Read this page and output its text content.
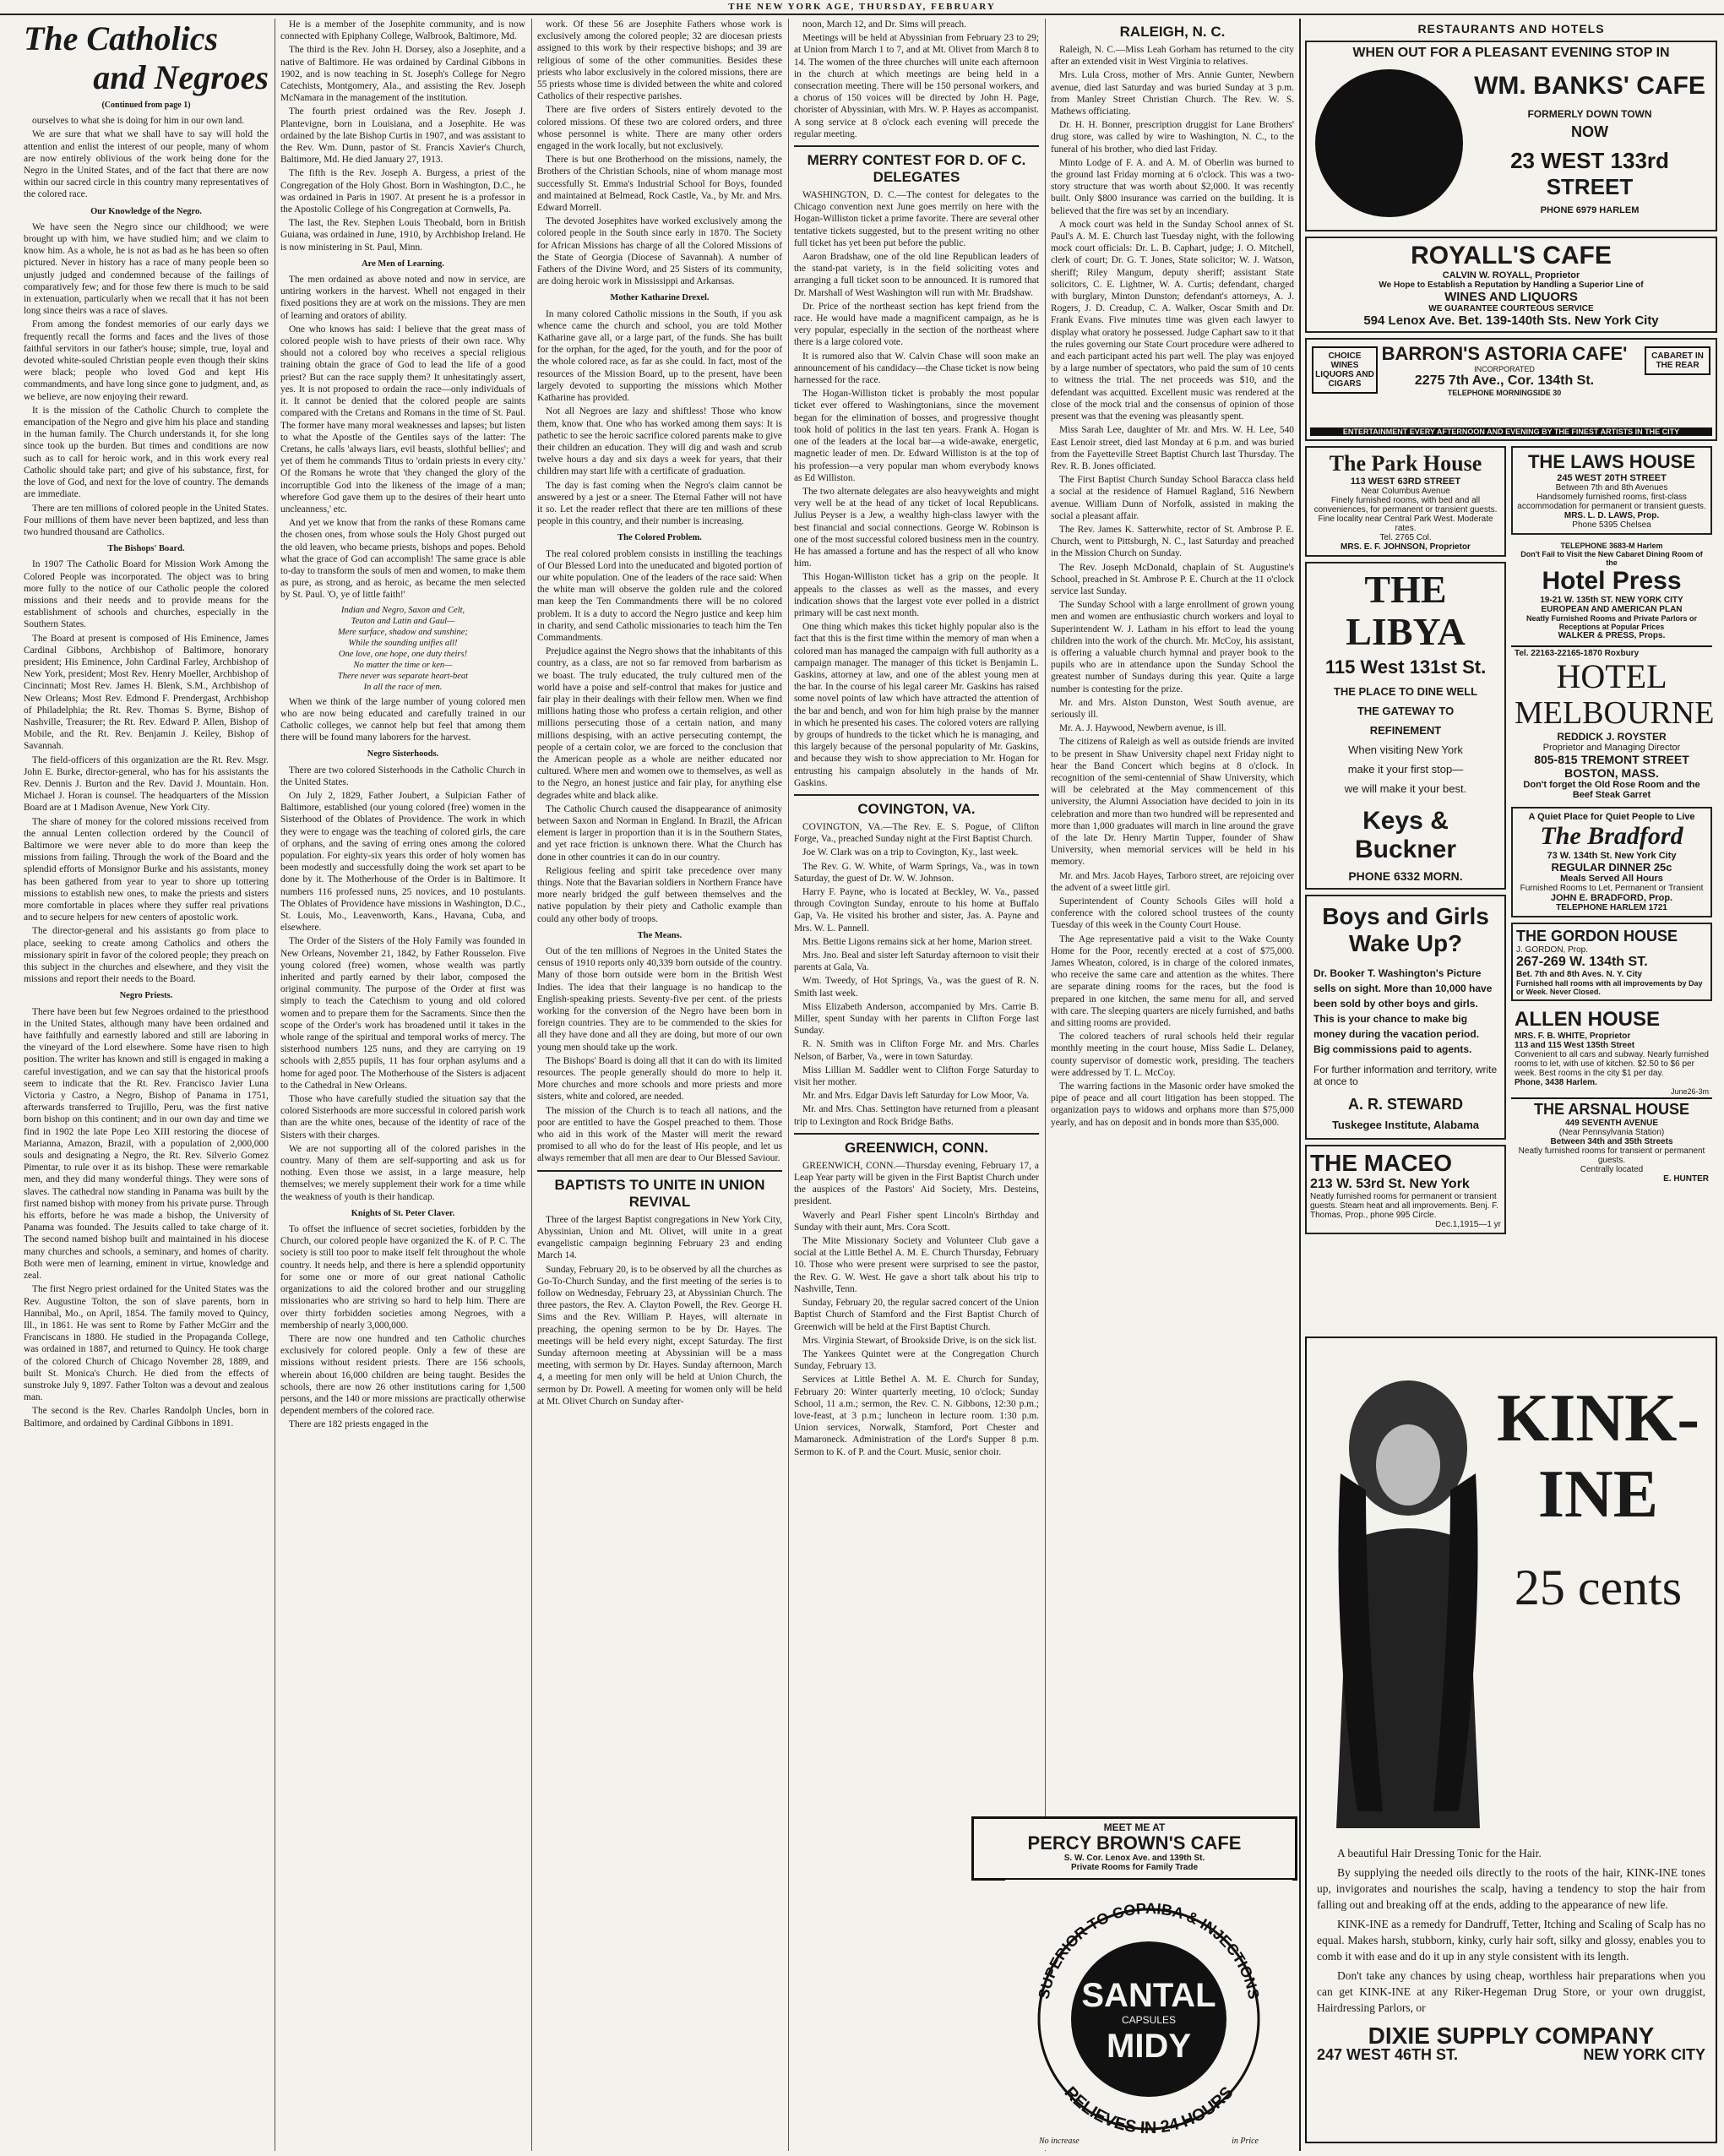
THE NEW YORK AGE, THURSDAY, FEBRUARY
The Catholics
and Negroes
(Continued from page 1)

ourselves to what she is doing for him in our own land.

We are sure that what we shall have to say will hold the attention and enlist the interest of our people, many of whom are now entirely oblivious of the work being done for the Negro in the United States, and of the fact that there are now within our sacred circle in this country many representatives of the colored race.

Our Knowledge of the Negro.

We have seen the Negro since our childhood; we were brought up with him, we have studied him; and we claim to know him. As a whole, he is not as bad as he has been so often pictured. Never in history has a race of many people been so unjustly judged and condemned because of the failings of comparatively few; and for those few there is much to be said in extenuation, particularly when we recall that it has not been long since theirs was a race of slaves.

From among the fondest memories of our early days we frequently recall the forms and faces and the lives of those faithful servitors in our father's house; simple, true, loyal and devoted white-souled Christian people even though their skins were black; people who loved God and kept His commandments, and have long since gone to judgment, and, as we believe, are now enjoying their reward.

It is the mission of the Catholic Church to complete the emancipation of the Negro and give him his place and standing in the human family. The Church understands it, for she long since took up the burden. But times and conditions are now such as to call for heroic work, and in this work every real Catholic should take part; and give of his substance, first, for the love of God, and next for the love of country. The demands are immediate.

There are ten millions of colored people in the United States. Four millions of them have never been baptized, and less than two hundred thousand are Catholics.

The Bishops' Board.

In 1907 The Catholic Board for Mission Work Among the Colored People was incorporated. The object was to bring more fully to the notice of our Catholic people the colored missions and their needs and to provide means for the establishment of schools and churches, especially in the Southern States.

The Board at present is composed of His Eminence, James Cardinal Gibbons, Archbishop of Baltimore, honorary president; His Eminence, John Cardinal Farley, Archbishop of New York, president; Most Rev. Henry Moeller, Archbishop of Cincinnati; Most Rev. James H. Blenk, S.M., Archbishop of New Orleans; Most Rev. Edmond F. Prendergast, Archbishop of Philadelphia; the Rt. Rev. Thomas S. Byrne, Bishop of Nashville, Treasurer; the Rt. Rev. Edward P. Allen, Bishop of Mobile, and the Rt. Rev. Benjamin J. Keiley, Bishop of Savannah.

The field-officers of this organization are the Rt. Rev. Msgr. John E. Burke, director-general, who has for his assistants the Rev. Dennis J. Burton and the Rev. David J. Mountain. Hon. Michael J. Horan is counsel. The headquarters of the Mission Board are at 1 Madison Avenue, New York City.

The share of money for the colored missions received from the annual Lenten collection ordered by the Council of Baltimore we were never able to do more than keep the missions from failing. Through the work of the Board and the splendid efforts of Monsignor Burke and his assistants, money has been gathered from year to year to shore up tottering missions to establish new ones, to make the priests and sisters more comfortable in places where they suffer real privations and to secure helpers for new centers of apostolic work.

The director-general and his assistants go from place to place, seeking to create among Catholics and others the missionary spirit in favor of the colored people; they preach on this subject in the churches and elsewhere, and they visit the missions and report their needs to the Board.

Negro Priests.

There have been but few Negroes ordained to the priesthood in the United States, although many have been ordained and have faithfully and earnestly labored and still are laboring in the vineyard of the Lord elsewhere. Some have risen to high position. The writer has known and still is engaged in making a careful investigation, and we can say that the historical proofs seem to indicate that the Rt. Rev. Francisco Javier Luna Victoria y Castro, a Negro, Bishop of Panama in 1751, afterwards transferred to Trujillo, Peru, was the first native born bishop on this continent; and in our own day and time we find in 1902 the late Pope Leo XIII restoring the diocese of Marianna, Amazon, Brazil, with a population of 2,000,000 souls and designating a Negro, the Rt. Rev. Silverio Gomez Pimentar, to rule over it as its bishop. These were remarkable men, and they did many wonderful things. They were sons of slaves. The cathedral now standing in Panama was built by the first named bishop with money from his private purse. Through his efforts, before he was made a bishop, the University of Panama was founded. The Jesuits called to take charge of it. The second named bishop built and maintained in his diocese many churches and schools, a seminary, and homes of charity. Both were men of learning, eminent in virtue, knowledge and zeal.

The first Negro priest ordained for the United States was the Rev. Augustine Tolton, the son of slave parents, born in Hannibal, Mo., on April, 1854. The family moved to Quincy, Ill., in 1861. He was sent to Rome by Father McGirr and the Franciscans in 1880. He studied in the Propaganda College, was ordained in 1887, and returned to Quincy. He took charge of the colored Church of Chicago November 28, 1889, and built St. Monica's Church. He died from the effects of sunstroke July 9, 1897. Father Tolton was a devout and zealous man.

The second is the Rev. Charles Randolph Uncles, born in Baltimore, and ordained by Cardinal Gibbons in 1891.

He is a member of the Josephite community, and is now connected with Epiphany College, Walbrook, Baltimore, Md.

The third is the Rev. John H. Dorsey, also a Josephite, and a native of Baltimore. He was ordained by Cardinal Gibbons in 1902, and is now teaching in St. Joseph's College for Negro Catechists, Montgomery, Ala., and assisting the Rev. Joseph McNamara in the management of the institution.

The fourth priest ordained was the Rev. Joseph J. Plantevigne, born in Louisiana, and a Josephite. He was ordained by the late Bishop Curtis in 1907, and was assistant to the Rev. Wm. Dunn, pastor of St. Francis Xavier's Church, Baltimore, Md. He died January 27, 1913.

The fifth is the Rev. Joseph A. Burgess, a priest of the Congregation of the Holy Ghost. Born in Washington, D.C., he was ordained in Paris in 1907. At present he is a professor in the Apostolic College of his Congregation at Cornwells, Pa.

The last, the Rev. Stephen Louis Theobald, born in British Guiana, was ordained in June, 1910, by Archbishop Ireland. He is now ministering in St. Paul, Minn.

Are Men of Learning.

The men ordained as above noted and now in service, are untiring workers in the harvest. Whell not engaged in their fixed positions they are at work on the missions. They are men of learning and orators of ability.

One who knows has said: I believe that the great mass of colored people wish to have priests of their own race. Why should not a colored boy who receives a special religious training obtain the grace of God to lead the life of a good priest? But can the race supply them? It unhesitatingly assert, yes. It is not proposed to ordain the race—only individuals of it. It cannot be denied that the colored people are saints compared with the Cretans and Romans in the time of St. Paul. The former have many moral weaknesses and lapses; but listen to what the Apostle of the Gentiles says of the latter: The Cretans, he calls 'always liars, evil beasts, slothful bellies'; and yet of them he commands Titus to 'ordain priests in every city.' Of the Romans he wrote that 'they changed the glory of the incorruptible God into the likeness of the image of a man; wherefore God gave them up to the desires of their heart unto uncleanness,' etc.

And yet we know that from the ranks of these Romans came the chosen ones, from whose souls the Holy Ghost purged out the old leaven, who became priests, bishops and popes. Behold what the grace of God can accomplish! The same grace is able to-day to transform the souls of men and women, to make them as pure, as strong, and as heroic, as became the men selected by St. Paul. 'O, ye of little faith!'

Indian and Negro, Saxon and Celt,
Teuton and Latin and Gaul—
Mere surface, shadow and sunshine;
While the sounding unifies all!
One love, one hope, one duty theirs!
No matter the time or ken—
There never was separate heart-beat
In all the race of men.

When we think of the large number of young colored men who are now being educated and carefully trained in our Catholic colleges, we cannot help but feel that among them there will be found many laborers for the harvest.

Negro Sisterhoods.

There are two colored Sisterhoods in the Catholic Church in the United States.

On July 2, 1829, Father Joubert, a Sulpician Father of Baltimore, established (our young colored (free) women in the Sisterhood of the Oblates of Providence. The work in which they were to engage was the teaching of colored girls, the care of orphans, and the saving of erring ones among the colored population. For eighty-six years this order of holy women has been modestly and successfully doing the work set apart to be done by it. The Motherhouse of the Order is in Baltimore. It numbers 116 professed nuns, 25 novices, and 10 postulants. The Oblates of Providence have missions in Washington, D.C., St. Louis, Mo., Leavenworth, Kans., Havana, Cuba, and elsewhere.

The Order of the Sisters of the Holy Family was founded in New Orleans, November 21, 1842, by Father Rousselon. Five young colored (free) women, whose wealth was partly inherited and partly earned by their labor, composed the original community. The purpose of the Order at first was simply to teach the Catechism to young and old colored women and to prepare them for the Sacraments. Since then the scope of the Order's work has broadened until it takes in the whole range of the spiritual and temporal works of mercy. The sisterhood numbers 125 nuns, and they are carrying on 19 schools with 2,855 pupils, 11 has four orphan asylums and a home for aged poor. The Motherhouse of the Sisters is adjacent to the Cathedral in New Orleans.

Those who have carefully studied the situation say that the colored Sisterhoods are more successful in colored parish work than are the white ones, because of the identity of race of the Sisters with their charges.

We are not supporting all of the colored parishes in the country. Many of them are self-supporting and ask us for nothing. Even those we assist, in a large measure, help themselves; we merely supplement their work for a time while the weakness of youth is their handicap.

Knights of St. Peter Claver.

To offset the influence of secret societies, forbidden by the Church, our colored people have organized the K. of P. C. The society is still too poor to make itself felt throughout the whole country. It needs help, and there is here a splendid opportunity for some one or more of our great national Catholic organizations to aid the colored brother and our struggling missionaries who are striving so hard to help him. There are over thirty forbidden societies among Negroes, with a membership of nearly 3,000,000.

There are now one hundred and ten Catholic churches exclusively for colored people. Only a few of these are missions without resident priests. There are 156 schools, wherein about 16,000 children are being taught. Besides the schools, there are now 26 other institutions caring for 1,500 persons, and the 140 or more missions are practically otherwise dependent members of the colored race.

There are 182 priests engaged in the

work. Of these 56 are Josephite Fathers whose work is exclusively among the colored people; 32 are diocesan priests assigned to this work by their respective bishops; and 39 are religious of some of the other communities. Besides these priests who labor exclusively in the colored missions, there are 55 priests whose time is divided between the white and colored Catholics of their respective parishes.

There are five orders of Sisters entirely devoted to the colored missions. Of these two are colored orders, and three whose personnel is white. There are many other orders engaged in the work locally, but not exclusively.

There is but one Brotherhood on the missions, namely, the Brothers of the Christian Schools, nine of whom manage most successfully St. Emma's Industrial School for Boys, founded and maintained at Belmead, Rock Castle, Va., by Mr. and Mrs. Edward Morrell.

The devoted Josephites have worked exclusively among the colored people in the South since early in 1870. The Society for African Missions has charge of all the Colored Missions of the State of Georgia (Diocese of Savannah). A number of Fathers of the Divine Word, and 25 Sisters of its community, are doing heroic work in Mississippi and Arkansas.

Mother Katharine Drexel.

In many colored Catholic missions in the South, if you ask whence came the church and school, you are told Mother Katharine gave all, or a large part, of the funds. She has built for the orphan, for the aged, for the youth, and for the poor of the whole colored race, as far as she could. In fact, most of the resources of the Mission Board, up to the present, have been largely devoted to supporting the missions which Mother Katharine has provided.

Not all Negroes are lazy and shiftless! Those who know them, know that. One who has worked among them says: It is pathetic to see the heroic sacrifice colored parents make to give their children an education. They will dig and wash and scrub twelve hours a day and six days a week for years, that their children may start life with a certificate of graduation.

The day is fast coming when the Negro's claim cannot be answered by a jest or a sneer. The Eternal Father will not have it so. Let the reader reflect that there are ten millions of these people in this country, and their number is increasing.

The Colored Problem.

The real colored problem consists in instilling the teachings of Our Blessed Lord into the uneducated and bigoted portion of our white population. One of the leaders of the race said: When the white man will observe the golden rule and the colored man keep the Ten Commandments there will be no colored problem. It is a duty to accord the Negro justice and keep him in charity, and send Catholic missionaries to teach him the Ten Commandments.

Prejudice against the Negro shows that the inhabitants of this country, as a class, are not so far removed from barbarism as we boast. The truly educated, the truly cultured men of the world have a poise and self-control that makes for justice and fair play in their dealings with their fellow men. When we find millions hating those who profess a certain religion, and other millions persecuting those of a certain nation, and many millions despising, with an active persecuting contempt, the people of a certain color, we are forced to the conclusion that the American people as a whole are neither educated nor cultured. Where men and women owe to themselves, as well as to the Negro, an honest justice and fair play, for anything else degrades white and black alike.

The Catholic Church caused the disappearance of animosity between Saxon and Norman in England. In Brazil, the African element is larger in proportion than it is in the Southern States, and yet race friction is unknown there. What the Church has done in other countries it can do in our country.

Religious feeling and spirit take precedence over many things. Note that the Bavarian soldiers in Northern France have more nearly bridged the gulf between themselves and the native population by their piety and Catholic example than could any other body of troops.

The Means.

Out of the ten millions of Negroes in the United States the census of 1910 reports only 40,339 born outside of the country. Many of those born outside were born in the British West Indies. The idea that their language is no handicap to the English-speaking priests. Seventy-five per cent. of the priests working for the conversion of the Negro have been born in foreign countries. They are to be commended to the skies for all they have done and all they are doing, but more of our own young men should take up the work.

The Bishops' Board is doing all that it can do with its limited resources. The people generally should do more to help it. More churches and more schools and more priests and more sisters, white and colored, are needed.

The mission of the Church is to teach all nations, and the poor are entitled to have the Gospel preached to them. Those who aid in this work of the Master will merit the reward promised to all who do for the least of His people, and let us always remember that all men are dear to Our Blessed Saviour.

BAPTISTS TO UNITE IN UNION REVIVAL

Three of the largest Baptist congregations in New York City, Abyssinian, Union and Mt. Olivet, will unite in a great evangelistic campaign beginning February 23 and ending March 14.

Sunday, February 20, is to be observed by all the churches as Go-To-Church Sunday, and the first meeting of the series is to follow on Wednesday, February 23, at Abyssinian Church. The three pastors, the Rev. A. Clayton Powell, the Rev. George H. Sims and the Rev. William P. Hayes, will alternate in preaching, the opening sermon to be by Dr. Hayes. The meetings will be held every night, except Saturday. The first Sunday afternoon meeting at Abyssinian will be a mass meeting, with sermon by Dr. Hayes. Sunday afternoon, March 4, a meeting for men only will be held at Union Church, the sermon by Dr. Powell. A meeting for women only will be held at Mt. Olivet Church on Sunday after-

noon, March 12, and Dr. Sims will preach.

Meetings will be held at Abyssinian from February 23 to 29; at Union from March 1 to 7, and at Mt. Olivet from March 8 to 14. The women of the three churches will unite each afternoon in the church at which meetings are being held in a consecration meeting. There will be 150 personal workers, and a chorus of 150 voices will be directed by John H. Page, chorister of Abyssinian, with Mrs. W. P. Hayes as accompanist. A song service at 8 o'clock each evening will precede the regular meeting.

MERRY CONTEST FOR D. OF C. DELEGATES

WASHINGTON, D. C.—The contest for delegates to the Chicago convention next June goes merrily on here with the Hogan-Williston ticket a prime favorite. There are several other tentative tickets suggested, but to the present writing no other full ticket has yet been put before the public.

Aaron Bradshaw, one of the old line Republican leaders of the stand-pat variety, is in the field soliciting votes and arranging a full ticket soon to be announced. It is rumored that Dr. Marshall of West Washington will run with Mr. Bradshaw.

Dr. Price of the northeast section has kept friend from the race. He would have made a magnificent campaign, as he is very popular, especially in the section of the northeast where there is a large colored vote.

It is rumored also that W. Calvin Chase will soon make an announcement of his candidacy—the Chase ticket is now being harnessed for the race.

The Hogan-Williston ticket is probably the most popular ticket ever offered to Washingtonians, since the movement began for the elimination of bosses, and progressive thought took hold of politics in the last ten years. Frank A. Hogan is one of the leaders at the local bar—a wide-awake, energetic, magnetic leader of men. Dr. Edward Williston is at the top of his profession—a very popular man whom everybody knows as Ed Williston.

The two alternate delegates are also heavyweights and might very well be at the head of any ticket of local Republicans. Julius Peyser is a Jew, a wealthy high-class lawyer with the best financial and social connections. George W. Robinson is one of the most successful colored business men in the country. He has amassed a fortune and has the respect of all who know him.

This Hogan-Williston ticket has a grip on the people. It appeals to the classes as well as the masses, and every indication shows that the largest vote ever polled in a district primary will be cast next month.

One thing which makes this ticket highly popular also is the fact that this is the first time within the memory of man when a colored man has managed the campaign with full authority as a campaign manager. The manager of this ticket is Benjamin L. Gaskins, attorney at law, and one of the ablest young men at the bar. In the course of his legal career Mr. Gaskins has raised some novel points of law which have attracted the attention of the bar and bench, and won for him high praise by the manner in which he presented his cases. The colored voters are rallying by groups of hundreds to the ticket which he is managing, and this largely because of the personal popularity of Mr. Gaskins, and because they wish to show appreciation to Mr. Hogan for entrusting his campaign absolutely in the hands of Mr. Gaskins.

COVINGTON, VA.

COVINGTON, VA.—The Rev. E. S. Pogue, of Clifton Forge, Va., preached Sunday night at the First Baptist Church.

Joe W. Clark was on a trip to Covington, Ky., last week.

The Rev. G. W. White, of Warm Springs, Va., was in town Saturday, the guest of Dr. W. W. Johnson.

Harry F. Payne, who is located at Beckley, W. Va., passed through Covington Sunday, enroute to his home at Buffalo Gap, Va. He visited his brother and sister, Jas. A. Payne and Mrs. W. L. Pannell.

Mrs. Bettie Ligons remains sick at her home, Marion street.

Mrs. Jno. Beal and sister left Saturday afternoon to visit their parents at Gala, Va.

Wm. Tweedy, of Hot Springs, Va., was the guest of R. N. Smith last week.

Miss Elizabeth Anderson, accompanied by Mrs. Carrie B. Miller, spent Sunday with her parents in Clifton Forge last Sunday.

R. N. Smith was in Clifton Forge Mr. and Mrs. Charles Nelson, of Barber, Va., were in town Saturday.

Miss Lillian M. Saddler went to Clifton Forge Saturday to visit her mother.

Mr. and Mrs. Edgar Davis left Saturday for Low Moor, Va.

Mr. and Mrs. Chas. Settington have returned from a pleasant trip to Lexington and Rock Bridge Baths.

GREENWICH, CONN.

GREENWICH, CONN.—Thursday evening, February 17, a Leap Year party will be given in the First Baptist Church under the auspices of the Pastors' Aid Society, Mrs. Desteins, president.

Waverly and Pearl Fisher spent Lincoln's Birthday and Sunday with their aunt, Mrs. Cora Scott.

The Mite Missionary Society and Volunteer Club gave a social at the Little Bethel A. M. E. Church Thursday, February 10. Those who were present were surprised to see the pastor, the Rev. G. W. West. He gave a short talk about his trip to Nashville, Tenn.

Sunday, February 20, the regular sacred concert of the Union Baptist Church of Stamford and the First Baptist Church of Greenwich will be held at the First Baptist Church.

Mrs. Virginia Stewart, of Brookside Drive, is on the sick list.

The Yankees Quintet were at the Congregation Church Sunday, February 13.

Services at Little Bethel A. M. E. Church for Sunday, February 20: Winter quarterly meeting, 10 o'clock; Sunday School, 11 a.m.; sermon, the Rev. C. N. Gibbons, 12:30 p.m.; love-feast, at 3 p.m.; luncheon in lecture room. 1:30 p.m. Union services, Norwalk, Stamford, Port Chester and Mamaroneck. Administration of the Lord's Supper 8 p.m. Sermon to K. of P. and the Court. Music, senior choir.

RALEIGH, N. C.

Raleigh, N. C.—Miss Leah Gorham has returned to the city after an extended visit in West Virginia to relatives.

Mrs. Lula Cross, mother of Mrs. Annie Gunter, Newbern avenue, died last Saturday and was buried Sunday at 3 p.m. from Manley Street Christian Church. The Rev. W. S. Mathews officiating.

Dr. H. H. Bonner, prescription druggist for Lane Brothers' drug store, was called by wire to Washington, N. C., to the funeral of his brother, who died last Friday.

Minto Lodge of F. A. and A. M. of Oberlin was burned to the ground last Friday morning at 6 o'clock. This was a two-story structure that was worth about $2,000. It was recently built. Only $800 insurance was carried on the building. It is believed that the fire was set by an incendiary.

A mock court was held in the Sunday School annex of St. Paul's A. M. E. Church last Tuesday night, with the following mock court officials: Dr. L. B. Caphart, judge; J. O. Mitchell, clerk of court; Dr. G. T. Jones, State solicitor; W. J. Watson, sheriff; Riley Mangum, deputy sheriff; assistant State solicitors, C. E. Lightner, W. A. Curtis; defendant, charged with burglary, Minton Dunston; defendant's attorneys, A. J. Rogers, J. D. Creadup, C. A. Walker, Oscar Smith and Dr. Frank Evans. Five minutes time was given each lawyer to display what oratory he possessed. Judge Caphart saw to it that the rules governing our State Court procedure were adhered to and each participant acted his part well. The play was enjoyed by a large number of spectators, who paid the sum of 10 cents to witness the trial. The net proceeds was $10, and the defendant was acquitted. Excellent music was rendered at the close of the mock trial and the consensus of opinion of those present was that the evening was pleasantly spent.

Miss Sarah Lee, daughter of Mr. and Mrs. W. H. Lee, 540 East Lenoir street, died last Monday at 6 p.m. and was buried from the Fayetteville Street Baptist Church last Thursday. The Rev. R. B. Jones officiated.

The First Baptist Church Sunday School Baracca class held a social at the residence of Hamuel Ragland, 516 Newbern avenue. William Dunn of Norfolk, assisted in making the social a pleasant affair.

The Rev. James K. Satterwhite, rector of St. Ambrose P. E. Church, went to Pittsburgh, N. C., last Saturday and preached in the Mission Church on Sunday.

The Rev. Joseph McDonald, chaplain of St. Augustine's School, preached in St. Ambrose P. E. Church at the 11 o'clock service last Sunday.

The Sunday School with a large enrollment of grown young men and women are enthusiastic church workers and loyal to Superintendent W. J. Latham in his effort to lead the young children into the work of the church. Mr. McCoy, his assistant, is offering a valuable church hymnal and prayer book to the pupils who are in attendance upon the Sunday School the greatest number of Sundays during this year. Quite a large number is contesting for the prize.

Mr. and Mrs. Alston Dunston, West South avenue, are seriously ill.

Mr. A. J. Haywood, Newbern avenue, is ill.

The citizens of Raleigh as well as outside friends are invited to be present in Shaw University chapel next Friday night to hear the Band Concert which begins at 8 o'clock. In recognition of the semi-centennial of Shaw University, which will be celebrated at the May commencement of this university, the Alumni Association have decided to join in its celebration and more than two hundred will be represented and more than 1,000 graduates will march in line around the grave of the late Dr. Henry Martin Tupper, founder of Shaw University, when memorial services will be held in his memory.

Mr. and Mrs. Jacob Hayes, Tarboro street, are rejoicing over the advent of a sweet little girl.

Superintendent of County Schools Giles will hold a conference with the colored school trustees of the county Tuesday of this week in the County Court House.

The Age representative paid a visit to the Wake County Home for the Poor, recently erected at a cost of $75,000. James Wheaton, colored, is in charge of the colored inmates, who receive the same care and attention as the whites. There are separate dining rooms for the races, but the food is prepared in one kitchen, the same menu for all, and served with care. The sleeping quarters are nicely furnished, and baths and sitting rooms are provided.

The colored teachers of rural schools held their regular monthly meeting in the court house, Miss Sadie L. Delaney, county supervisor of domestic work, presiding. The teachers were addressed by T. L. McCoy.

The warring factions in the Masonic order have smoked the pipe of peace and all court litigation has been stopped. The organization pays to widows and orphans more than $75,000 yearly, and has on deposit and in bonds more than $35,000.

MEET ME AT
PERCY BROWN'S CAFE
S. W. Cor. Lenox Ave. and 139th St.
Private Rooms for Family Trade
SUPERIOR TO COPAIBA & INJECTIONS
RELIEVES IN 24 HOURS
SANTAL
CAPSULES
MIDY
No increase	in Price
RESTAURANTS AND HOTELS
WHEN OUT FOR A PLEASANT EVENING STOP IN
WM. BANKS' CAFE
FORMERLY DOWN TOWN
NOW
23 WEST 133rd STREET
PHONE 6979 HARLEM
ROYALL'S CAFE
CALVIN W. ROYALL, Proprietor
We Hope to Establish a Reputation by Handling a Superior Line of
WINES AND LIQUORS
WE GUARANTEE COURTEOUS SERVICE
594 Lenox Ave. Bet. 139-140th Sts. New York City
CHOICE WINES LIQUORS AND CIGARS
BARRON'S ASTORIA CAFE'
INCORPORATED
2275 7th Ave., Cor. 134th St.
TELEPHONE MORNINGSIDE 30
CABARET IN THE REAR
ENTERTAINMENT EVERY AFTERNOON AND EVENING BY THE FINEST ARTISTS IN THE CITY
The Park House
113 WEST 63RD STREET
Near Columbus Avenue
Finely furnished rooms, with bed and all conveniences, for permanent or transient guests. Fine locality near Central Park West. Moderate rates.
Tel. 2765 Col.
MRS. E. F. JOHNSON, Proprietor
THE LIBYA
115 West 131st St.
THE PLACE TO DINE WELL
THE GATEWAY TO
REFINEMENT
When visiting New York
make it your first stop—
we will make it your best.
Keys & Buckner
PHONE 6332 MORN.
Boys and Girls
Wake Up?
Dr. Booker T. Washington's Picture sells on sight. More than 10,000 have been sold by other boys and girls. This is your chance to make big money during the vacation period. Big commissions paid to agents.
For further information and territory, write at once to
A. R. STEWARD
Tuskegee Institute, Alabama
THE MACEO
213 W. 53rd St. New York
Neatly furnished rooms for permanent or transient guests. Steam heat and all improvements. Benj. F. Thomas, Prop., phone 995 Circle.
Dec.1,1915—1 yr
THE LAWS HOUSE
245 WEST 20TH STREET
Between 7th and 8th Avenues
Handsomely furnished rooms, first-class accommodation for permanent or transient guests.
MRS. L. D. LAWS, Prop.
Phone 5395 Chelsea
TELEPHONE 3683-M Harlem
Don't Fail to Visit the New Cabaret Dining Room of the
Hotel Press
19-21 W. 135th ST. NEW YORK CITY
EUROPEAN AND AMERICAN PLAN
Neatly Furnished Rooms and Private Parlors or Receptions at Popular Prices
WALKER & PRESS, Props.
Tel. 22163-22165-1870 Roxbury
HOTEL
MELBOURNE
REDDICK J. ROYSTER
Proprietor and Managing Director
805-815 TREMONT STREET
BOSTON, MASS.
Don't forget the Old Rose Room and the Beef Steak Garret
A Quiet Place for Quiet People to Live
The Bradford
73 W. 134th St. New York City
REGULAR DINNER 25c
Meals Served All Hours
Furnished Rooms to Let, Permanent or Transient
JOHN E. BRADFORD, Prop.
TELEPHONE HARLEM 1721
THE GORDON HOUSE
J. GORDON, Prop.
267-269 W. 134th ST.
Bet. 7th and 8th Aves. N. Y. City
Furnished hall rooms with all improvements by Day or Week. Never Closed.
ALLEN HOUSE
MRS. F. B. WHITE, Proprietor
113 and 115 West 135th Street
Convenient to all cars and subway. Nearly furnished rooms to let, with use of kitchen. $2.50 to $6 per week. Best rooms in the city $1 per day.
Phone, 3438 Harlem.
June26-3m
THE ARSNAL HOUSE
449 SEVENTH AVENUE
(Near Pennsylvania Station)
Between 34th and 35th Streets
Neatly furnished rooms for transient or permanent guests.
Centrally located
E. HUNTER
KINK-INE
25 cents
A beautiful Hair Dressing Tonic for the Hair.
By supplying the needed oils directly to the roots of the hair, KINK-INE tones up, invigorates and nourishes the scalp, having a tendency to stop the hair from falling out and breaking off at the ends, adding to the appearance of new life.
KINK-INE as a remedy for Dandruff, Tetter, Itching and Scaling of Scalp has no equal. Makes harsh, stubborn, kinky, curly hair soft, silky and glossy, enables you to comb it with ease and do it up in any style consistent with its length.
Don't take any chances by using cheap, worthless hair preparations when you can get KINK-INE at any Riker-Hegeman Drug Store, or your own druggist, Hairdressing Parlors, or
DIXIE SUPPLY COMPANY
247 WEST 46TH ST.	NEW YORK CITY
